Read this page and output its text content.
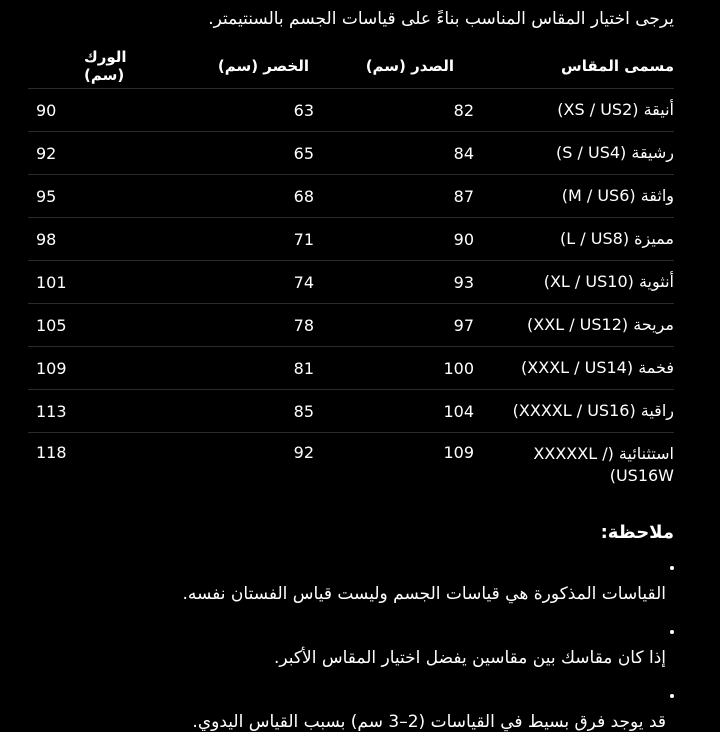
يرجى اختيار المقاس المناسب بناءً على قياسات الجسم بالسنتيمتر.
مسمى المقاس	الصدر (سم)	الخصر (سم)	الورك (سم)
أنيقة (XS / US2)	82	63	90
رشيقة (S / US4)	84	65	92
واثقة (M / US6)	87	68	95
مميزة (L / US8)	90	71	98
أنثوية (XL / US10)	93	74	101
مريحة (XXL / US12)	97	78	105
فخمة (XXXL / US14)	100	81	109
راقية (XXXXL / US16)	104	85	113
استثنائية (XXXXXL / US16W)	109	92	118
ملاحظة:
القياسات المذكورة هي قياسات الجسم وليست قياس الفستان نفسه.
إذا كان مقاسك بين مقاسين يفضل اختيار المقاس الأكبر.
قد يوجد فرق بسيط في القياسات (2–3 سم) بسبب القياس اليدوي.
